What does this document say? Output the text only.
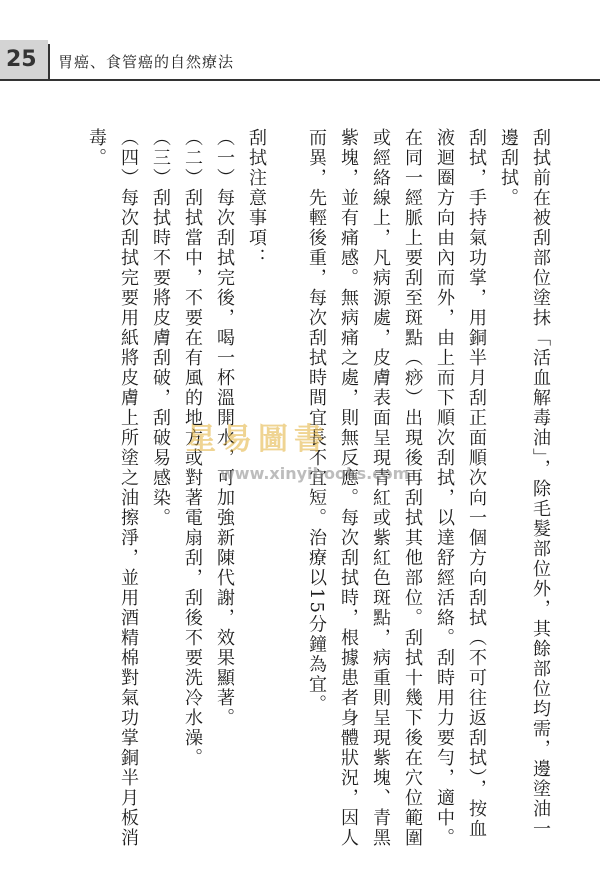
25 胃癌、食管癌的自然療法

刮拭前在被刮部位塗抹「活血解毒油」，除毛髮部位外，其餘部位均需，邊塗油一邊刮拭。

刮拭，手持氣功掌，用銅半月刮正面順次向一個方向刮拭（不可往返刮拭），按血液迴圈方向由內而外，由上而下順次刮拭，以達舒經活絡。刮時用力要勻，適中。在同一經脈上要刮至斑點（痧）出現後再刮拭其他部位。刮拭十幾下後在穴位範圍或經絡線上，凡病源處，皮膚表面呈現青紅或紫紅色斑點，病重則呈現紫塊、青黑紫塊，並有痛感。無病痛之處，則無反應。每次刮拭時，根據患者身體狀況，因人而異，先輕後重，每次刮拭時間宜長不宜短。治療以15分鐘為宜。

刮拭注意事項：

（一）每次刮拭完後，喝一杯溫開水，可加強新陳代謝，效果顯著。

（二）刮拭當中，不要在有風的地方或對著電扇刮，刮後不要洗冷水澡。

（三）刮拭時不要將皮膚刮破，刮破易感染。

（四）每次刮拭完要用紙將皮膚上所塗之油擦淨，並用酒精棉對氣功掌銅半月板消毒。

星易圖書
www.xinyibooks.com
